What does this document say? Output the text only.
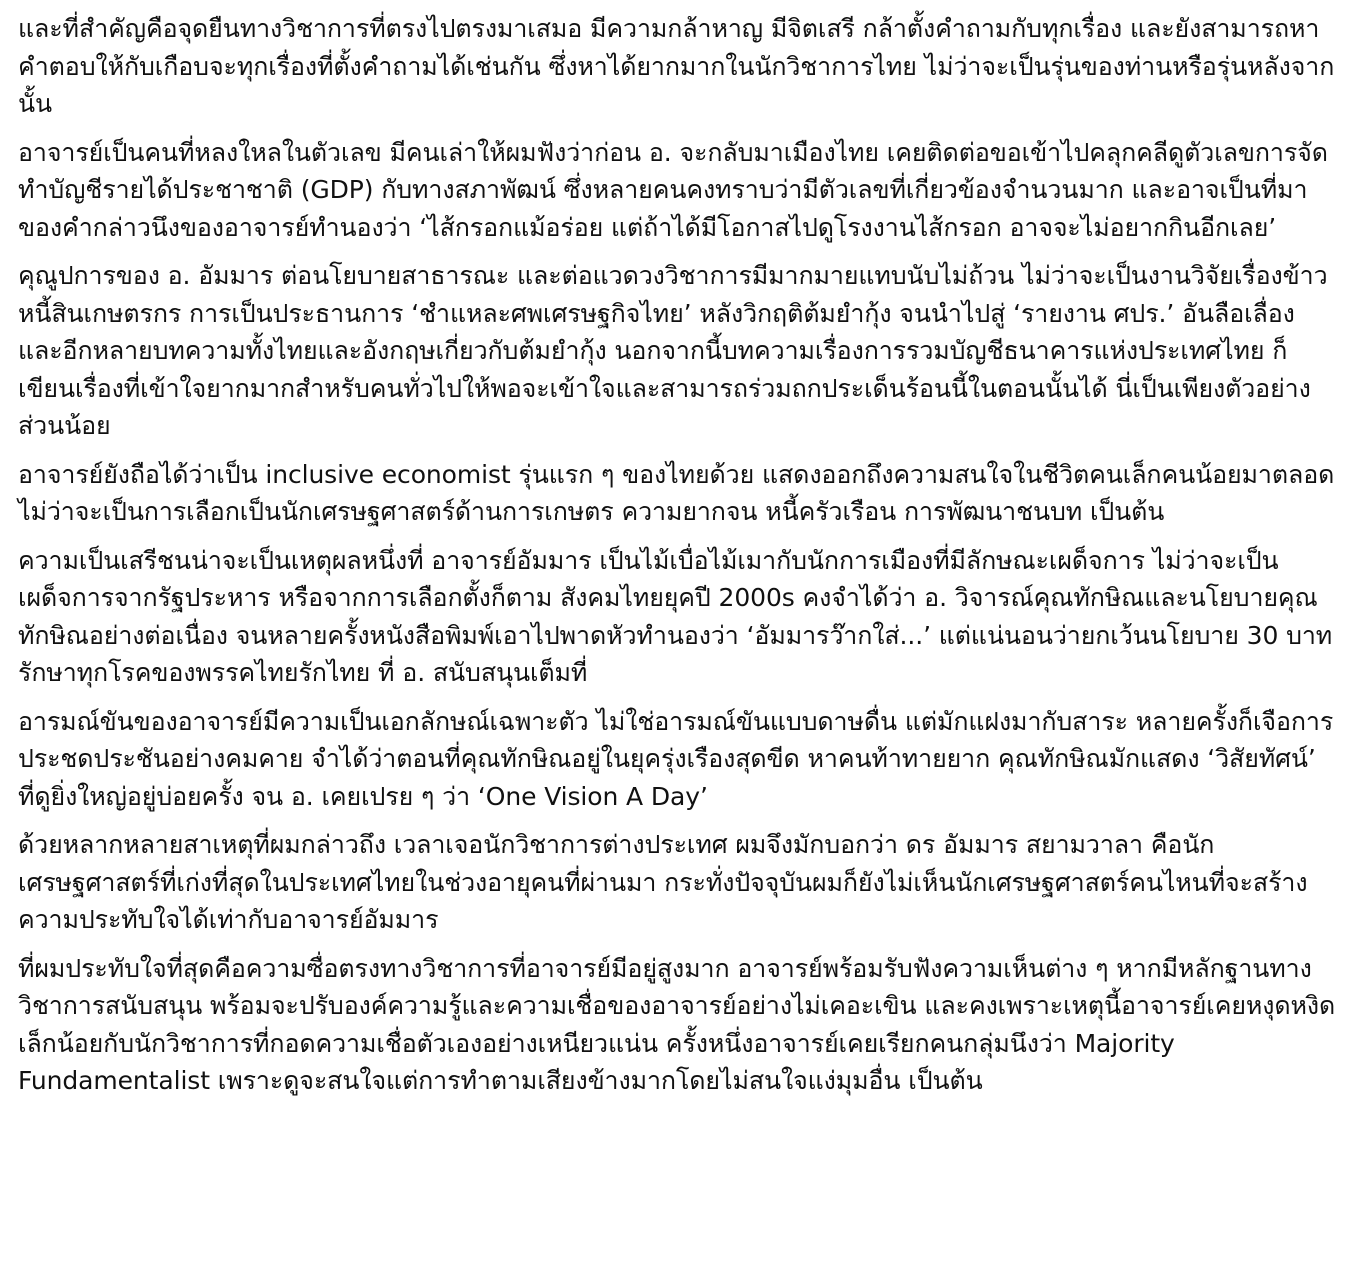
และที่สำคัญคือจุดยืนทางวิชาการที่ตรงไปตรงมาเสมอ มีความกล้าหาญ มีจิตเสรี กล้าตั้งคำถามกับทุกเรื่อง และยังสามารถหาคำตอบให้กับเกือบจะทุกเรื่องที่ตั้งคำถามได้เช่นกัน ซึ่งหาได้ยากมากในนักวิชาการไทย ไม่ว่าจะเป็นรุ่นของท่านหรือรุ่นหลังจากนั้น

อาจารย์เป็นคนที่หลงใหลในตัวเลข มีคนเล่าให้ผมฟังว่าก่อน อ. จะกลับมาเมืองไทย เคยติดต่อขอเข้าไปคลุกคลีดูตัวเลขการจัดทำบัญชีรายได้ประชาชาติ (GDP) กับทางสภาพัฒน์ ซึ่งหลายคนคงทราบว่ามีตัวเลขที่เกี่ยวข้องจำนวนมาก และอาจเป็นที่มาของคำกล่าวนึงของอาจารย์ทำนองว่า ‘ไส้กรอกแม้อร่อย แต่ถ้าได้มีโอกาสไปดูโรงงานไส้กรอก อาจจะไม่อยากกินอีกเลย’

คุณูปการของ อ. อัมมาร ต่อนโยบายสาธารณะ และต่อแวดวงวิชาการมีมากมายแทบนับไม่ถ้วน ไม่ว่าจะเป็นงานวิจัยเรื่องข้าว หนี้สินเกษตรกร การเป็นประธานการ ‘ชำแหละศพเศรษฐกิจไทย’ หลังวิกฤติต้มยำกุ้ง จนนำไปสู่ ‘รายงาน ศปร.’ อันลือเลื่อง และอีกหลายบทความทั้งไทยและอังกฤษเกี่ยวกับต้มยำกุ้ง นอกจากนี้บทความเรื่องการรวมบัญชีธนาคารแห่งประเทศไทย ก็เขียนเรื่องที่เข้าใจยากมากสำหรับคนทั่วไปให้พอจะเข้าใจและสามารถร่วมถกประเด็นร้อนนี้ในตอนนั้นได้ นี่เป็นเพียงตัวอย่างส่วนน้อย

อาจารย์ยังถือได้ว่าเป็น inclusive economist รุ่นแรก ๆ ของไทยด้วย แสดงออกถึงความสนใจในชีวิตคนเล็กคนน้อยมาตลอด ไม่ว่าจะเป็นการเลือกเป็นนักเศรษฐศาสตร์ด้านการเกษตร ความยากจน หนี้ครัวเรือน การพัฒนาชนบท เป็นต้น

ความเป็นเสรีชนน่าจะเป็นเหตุผลหนึ่งที่ อาจารย์อัมมาร เป็นไม้เบื่อไม้เมากับนักการเมืองที่มีลักษณะเผด็จการ ไม่ว่าจะเป็นเผด็จการจากรัฐประหาร หรือจากการเลือกตั้งก็ตาม สังคมไทยยุคปี 2000s คงจำได้ว่า อ. วิจารณ์คุณทักษิณและนโยบายคุณทักษิณอย่างต่อเนื่อง จนหลายครั้งหนังสือพิมพ์เอาไปพาดหัวทำนองว่า ‘อัมมารว๊ากใส่...’ แต่แน่นอนว่ายกเว้นนโยบาย 30 บาทรักษาทุกโรคของพรรคไทยรักไทย ที่ อ. สนับสนุนเต็มที่

อารมณ์ขันของอาจารย์มีความเป็นเอกลักษณ์เฉพาะตัว ไม่ใช่อารมณ์ขันแบบดาษดื่น แต่มักแฝงมากับสาระ หลายครั้งก็เจือการประชดประชันอย่างคมคาย จำได้ว่าตอนที่คุณทักษิณอยู่ในยุครุ่งเรืองสุดขีด หาคนท้าทายยาก คุณทักษิณมักแสดง ‘วิสัยทัศน์’ ที่ดูยิ่งใหญ่อยู่บ่อยครั้ง จน อ. เคยเปรย ๆ ว่า ‘One Vision A Day’

ด้วยหลากหลายสาเหตุที่ผมกล่าวถึง เวลาเจอนักวิชาการต่างประเทศ ผมจึงมักบอกว่า ดร อัมมาร สยามวาลา คือนักเศรษฐศาสตร์ที่เก่งที่สุดในประเทศไทยในช่วงอายุคนที่ผ่านมา กระทั่งปัจจุบันผมก็ยังไม่เห็นนักเศรษฐศาสตร์คนไหนที่จะสร้างความประทับใจได้เท่ากับอาจารย์อัมมาร

ที่ผมประทับใจที่สุดคือความซื่อตรงทางวิชาการที่อาจารย์มีอยู่สูงมาก อาจารย์พร้อมรับฟังความเห็นต่าง ๆ หากมีหลักฐานทางวิชาการสนับสนุน พร้อมจะปรับองค์ความรู้และความเชื่อของอาจารย์อย่างไม่เคอะเขิน และคงเพราะเหตุนี้อาจารย์เคยหงุดหงิดเล็กน้อยกับนักวิชาการที่กอดความเชื่อตัวเองอย่างเหนียวแน่น ครั้งหนึ่งอาจารย์เคยเรียกคนกลุ่มนึงว่า Majority Fundamentalist เพราะดูจะสนใจแต่การทำตามเสียงข้างมากโดยไม่สนใจแง่มุมอื่น เป็นต้น
